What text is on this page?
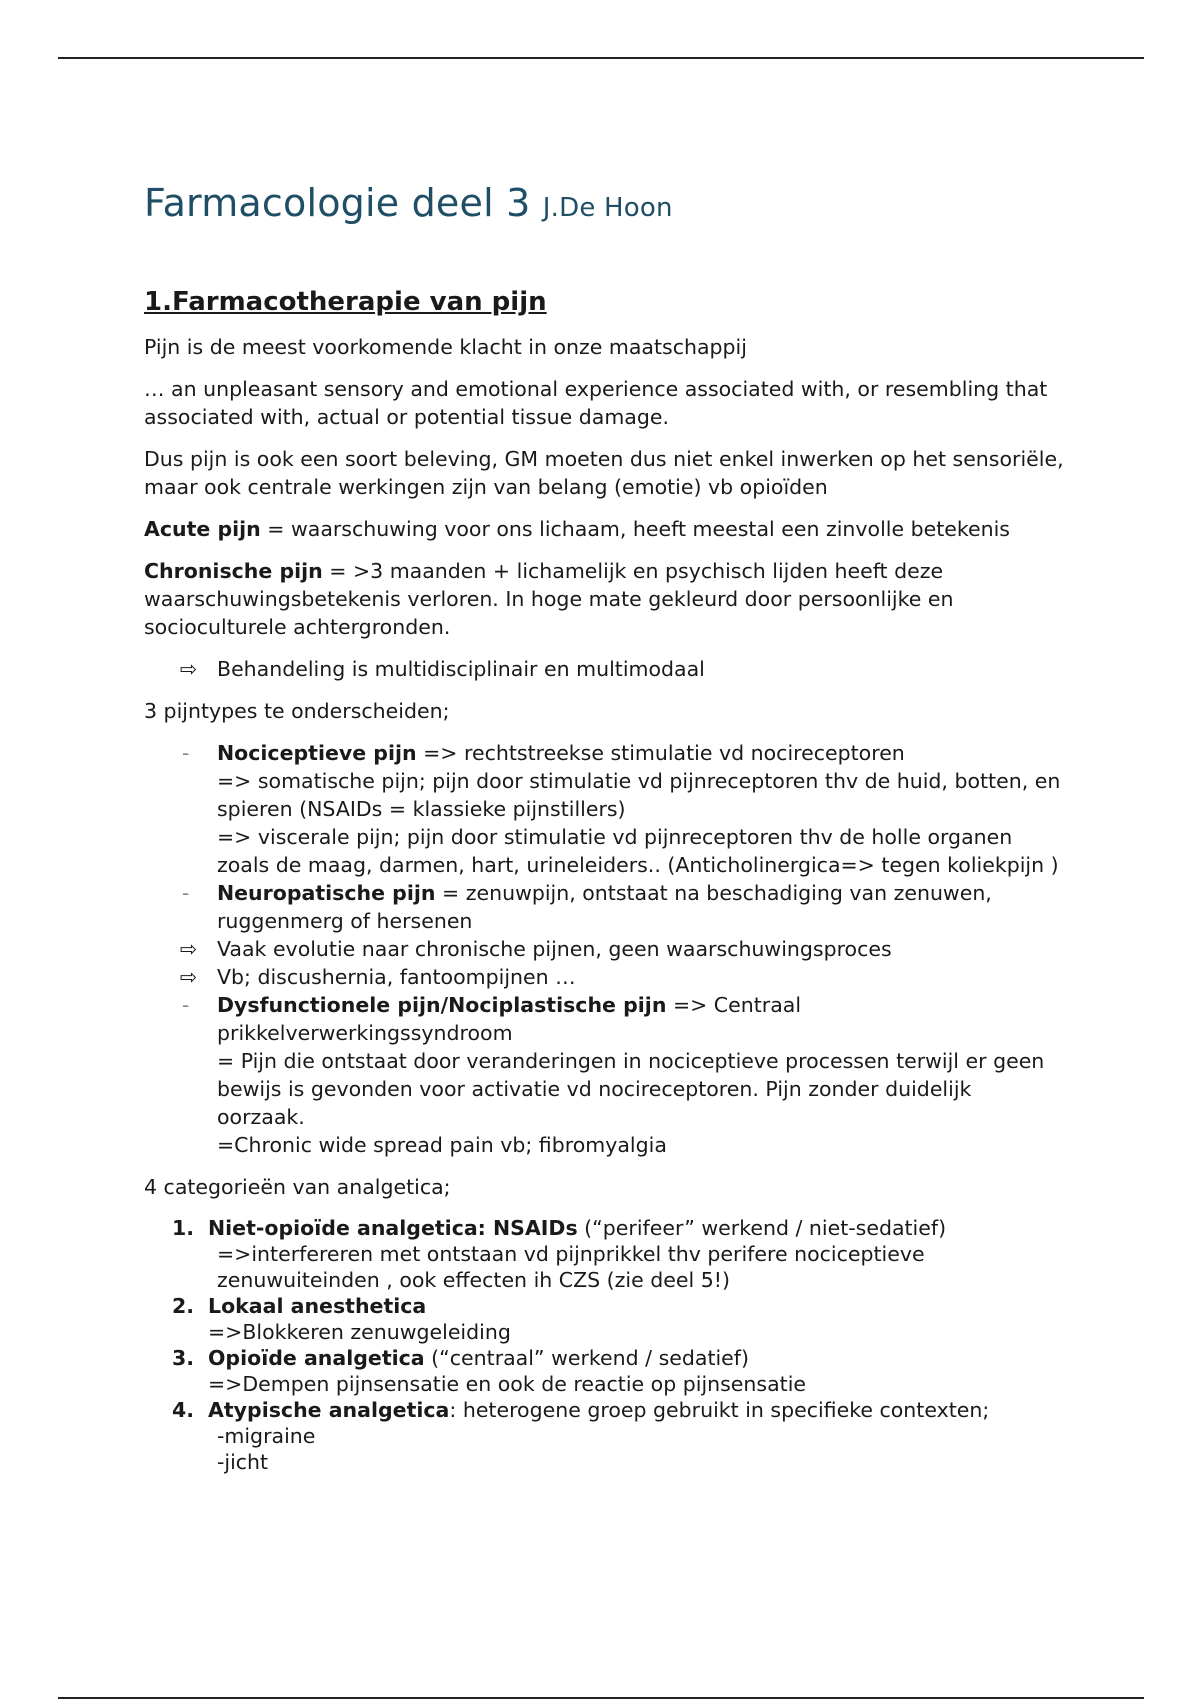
Farmacologie deel 3 J.De Hoon
1.Farmacotherapie van pijn

Pijn is de meest voorkomende klacht in onze maatschappij

… an unpleasant sensory and emotional experience associated with, or resembling that associated with, actual or potential tissue damage.

Dus pijn is ook een soort beleving, GM moeten dus niet enkel inwerken op het sensoriële, maar ook centrale werkingen zijn van belang (emotie) vb opioïden

Acute pijn = waarschuwing voor ons lichaam, heeft meestal een zinvolle betekenis

Chronische pijn = >3 maanden + lichamelijk en psychisch lijden heeft deze waarschuwingsbetekenis verloren. In hoge mate gekleurd door persoonlijke en socioculturele achtergronden.

⇨ Behandeling is multidisciplinair en multimodaal

3 pijntypes te onderscheiden;

-	Nociceptieve pijn => rechtstreekse stimulatie vd nocireceptoren
=> somatische pijn; pijn door stimulatie vd pijnreceptoren thv de huid, botten, en spieren (NSAIDs = klassieke pijnstillers)
=> viscerale pijn; pijn door stimulatie vd pijnreceptoren thv de holle organen zoals de maag, darmen, hart, urineleiders.. (Anticholinergica=> tegen koliekpijn )
-	Neuropatische pijn = zenuwpijn, ontstaat na beschadiging van zenuwen, ruggenmerg of hersenen
⇨ Vaak evolutie naar chronische pijnen, geen waarschuwingsproces
⇨ Vb; discushernia, fantoompijnen …
-	Dysfunctionele pijn/Nociplastische pijn => Centraal prikkelverwerkingssyndroom
= Pijn die ontstaat door veranderingen in nociceptieve processen terwijl er geen bewijs is gevonden voor activatie vd nocireceptoren. Pijn zonder duidelijk oorzaak.
=Chronic wide spread pain vb; fibromyalgia

4 categorieën van analgetica;

1. Niet-opioïde analgetica: NSAIDs (“perifeer” werkend / niet-sedatief)
=>interfereren met ontstaan vd pijnprikkel thv perifere nociceptieve zenuwuiteinden , ook effecten ih CZS (zie deel 5!)
2. Lokaal anesthetica
=>Blokkeren zenuwgeleiding
3. Opioïde analgetica (“centraal” werkend / sedatief)
=>Dempen pijnsensatie en ook de reactie op pijnsensatie
4. Atypische analgetica: heterogene groep gebruikt in specifieke contexten;
-migraine
-jicht
